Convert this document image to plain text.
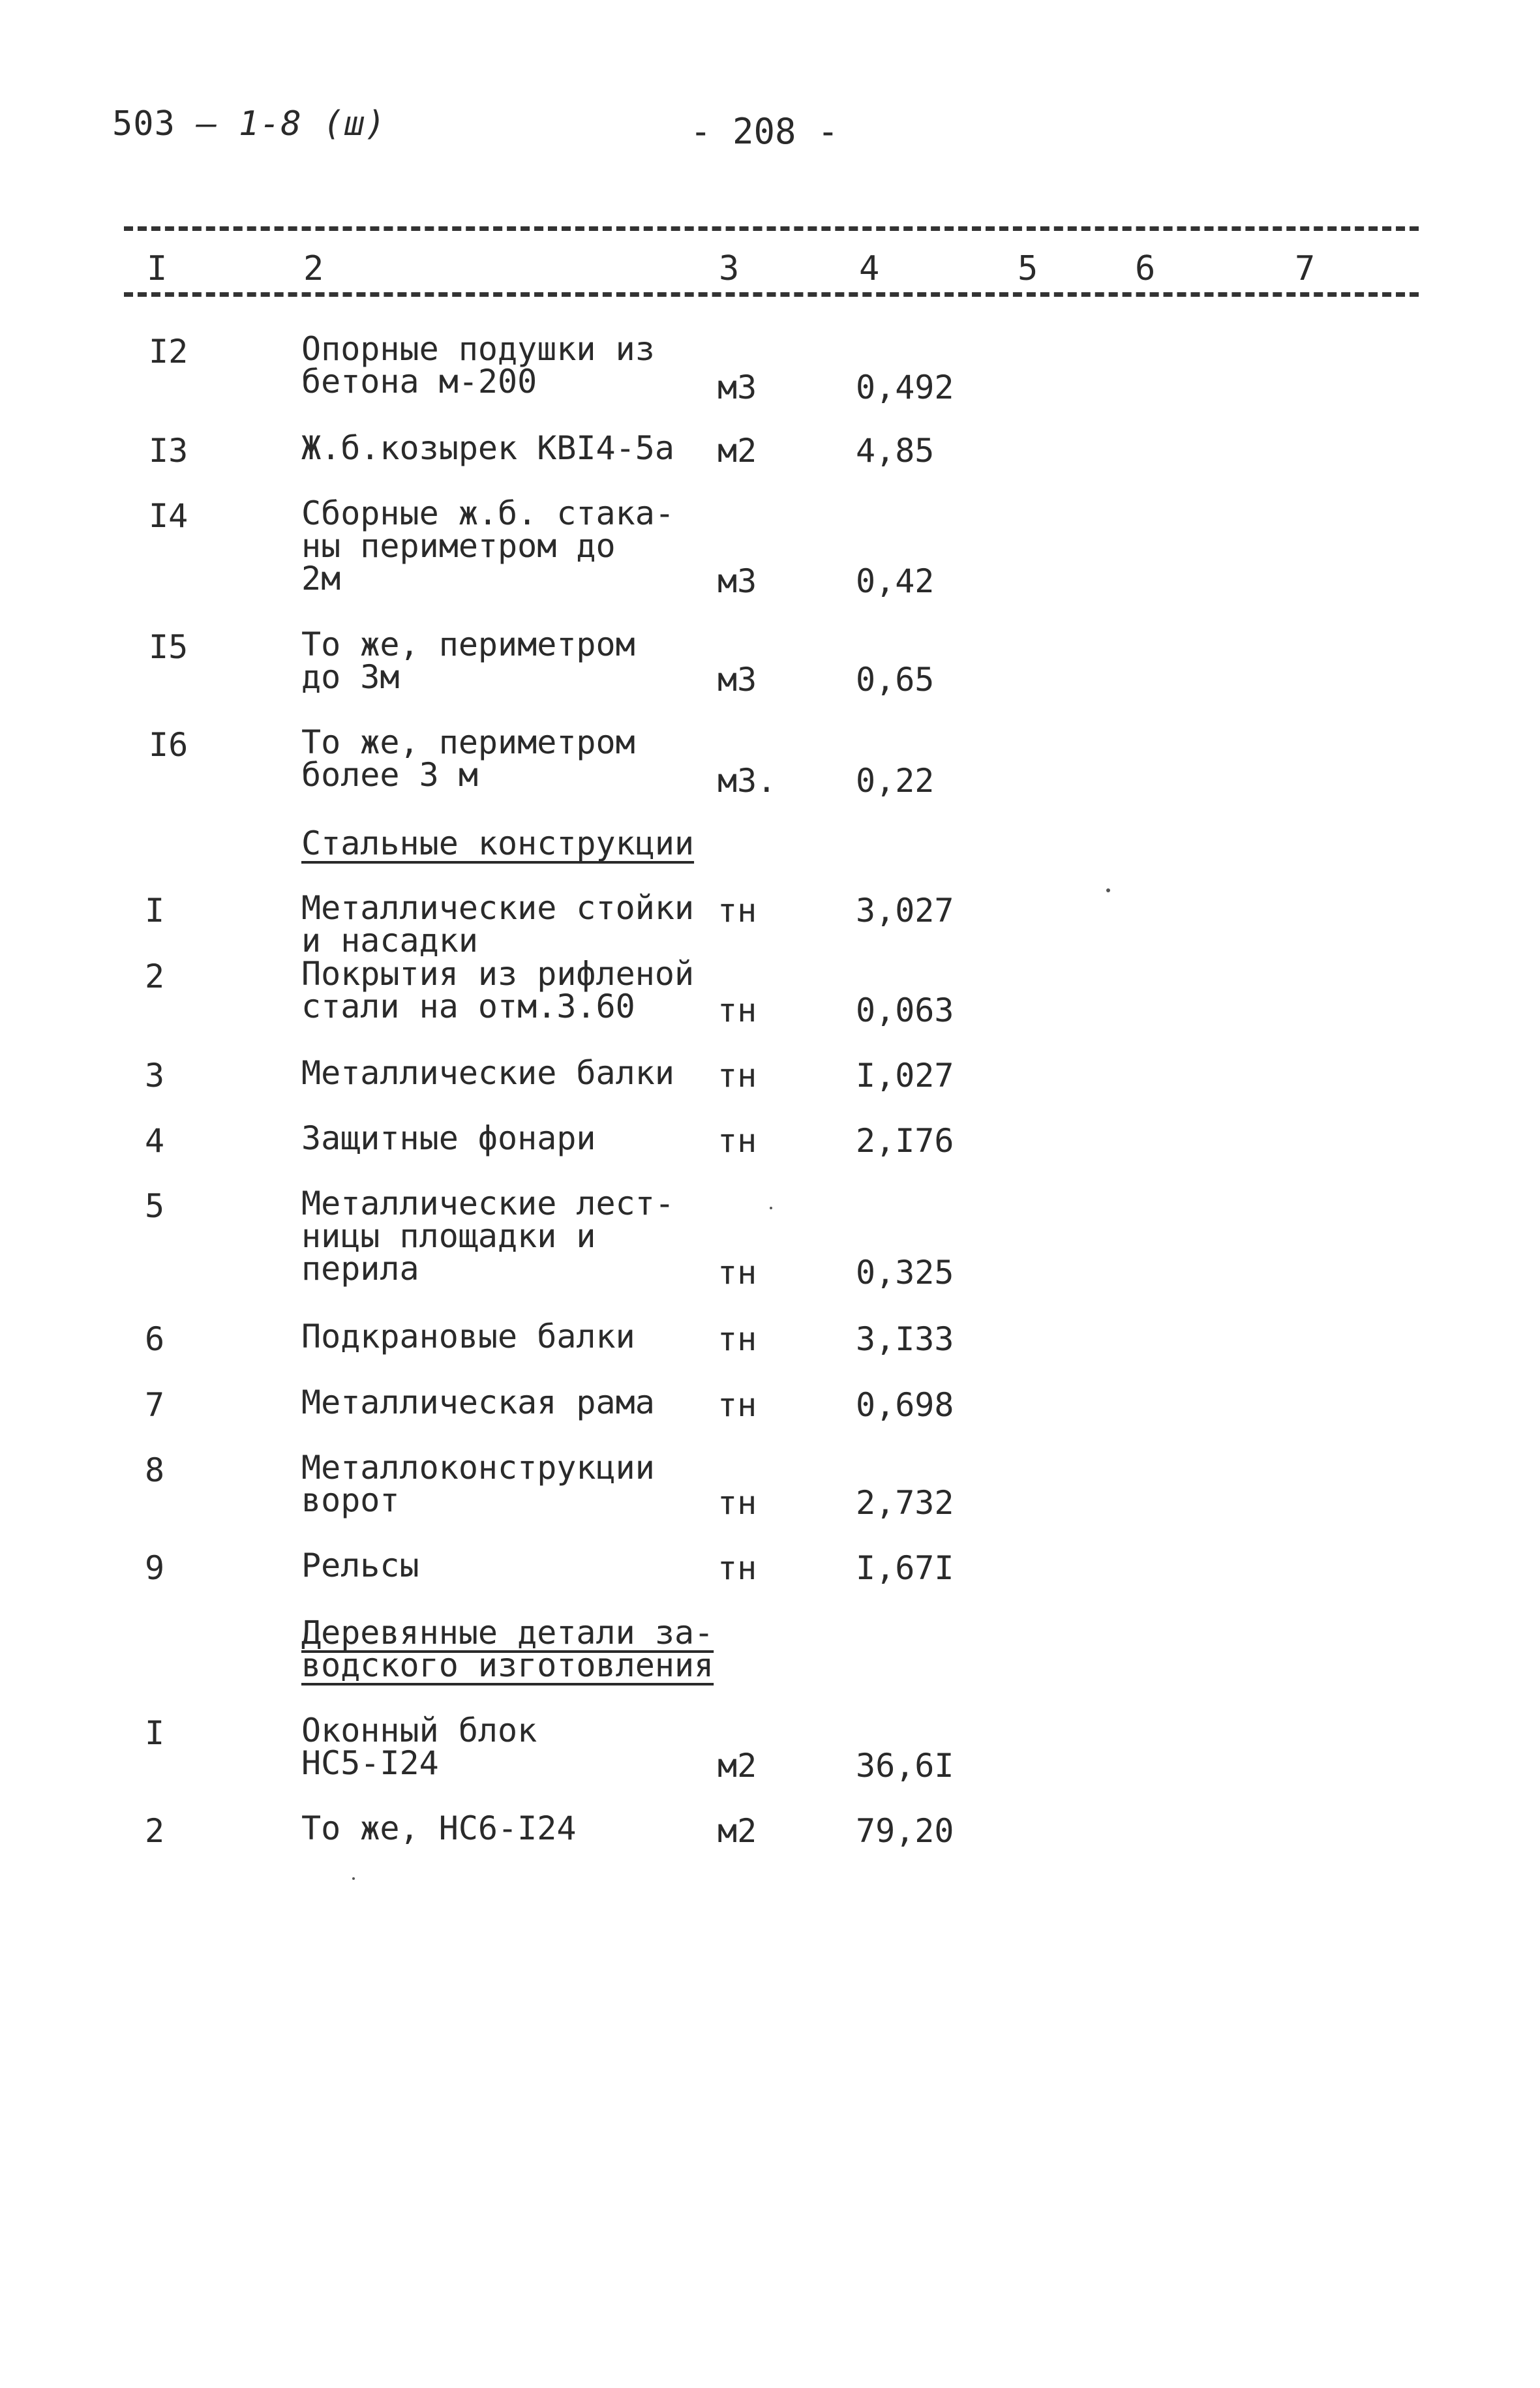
503 – 1-8 (ш)	- 208 -
I	2	3	4	5	6	7
I2	Опорные подушки из
бетона м-200	м3	0,492
I3	Ж.б.козырек КВI4-5а м2	4,85
I4	Сборные ж.б. стака-
ны периметром до
2м	м3	0,42
I5	То же, периметром
до 3м	м3	0,65
I6	То же, периметром
более 3 м	м3. 0,22
Стальные конструкции
I	Металлические стойки
и насадки
тн	3,027
2	Покрытия из рифленой
стали на отм.3.60	тн	0,063
3	Металлические балки тн	I,027
4	Защитные фонари	тн	2,I76
5	Металлические лест-
ницы площадки и
перила	тн	0,325
6	Подкрановые балки	тн	3,I33
7	Металлическая рама тн	0,698
8	Металлоконструкции
ворот	тн	2,732
9	Рельсы	тн	I,67I
Деревянные детали за-
водского изготовления
I	Оконный блок
НС5-I24	м2	36,6I
2	То же, НС6-I24	м2	79,20
